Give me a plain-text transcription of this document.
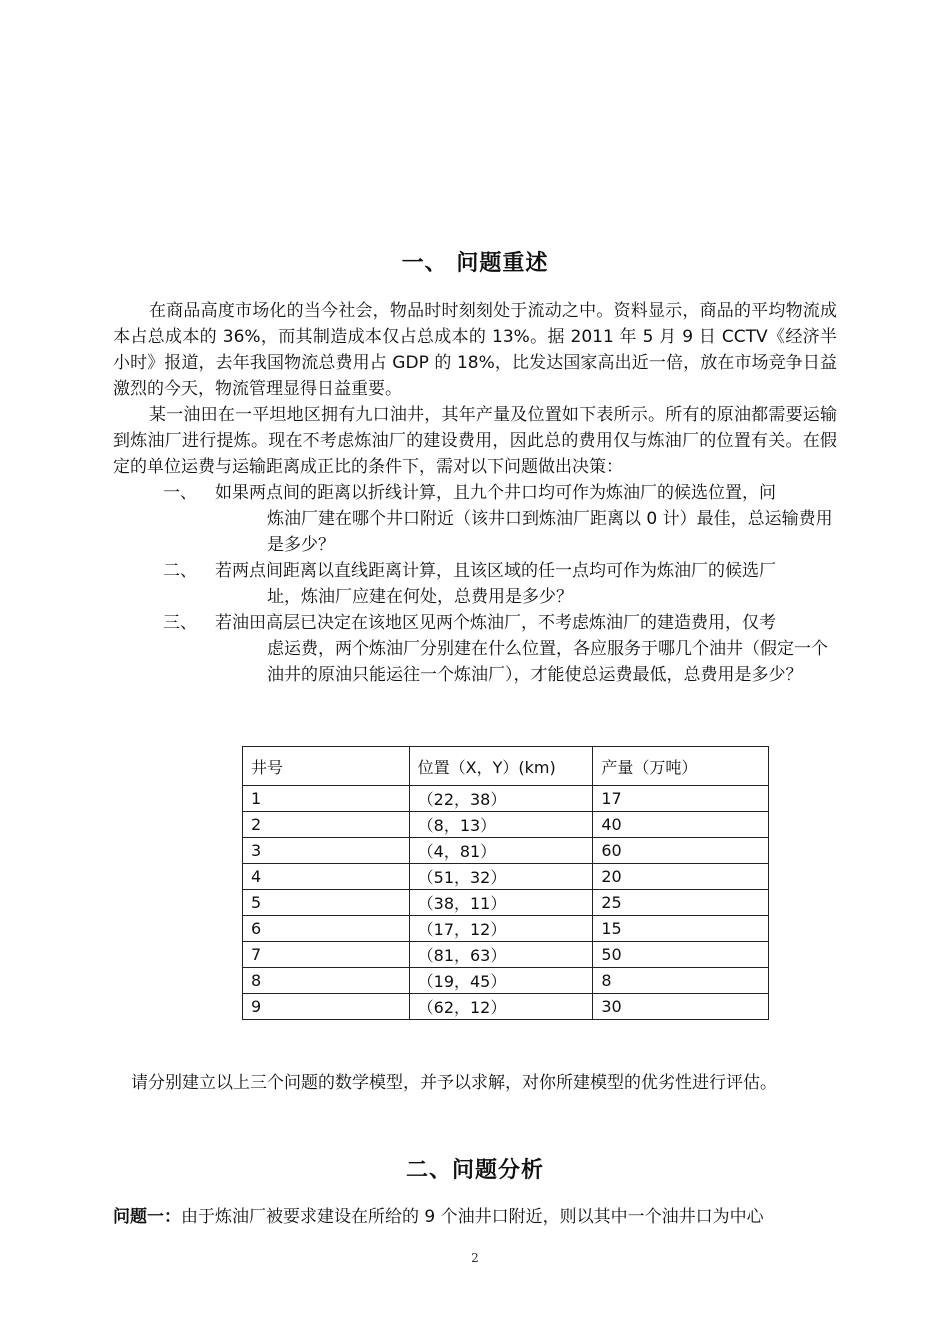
一、 问题重述
在商品高度市场化的当今社会，物品时时刻刻处于流动之中。资料显示，商品的平均物流成本占总成本的 36%，而其制造成本仅占总成本的 13%。据 2011 年 5 月 9 日 CCTV《经济半小时》报道，去年我国物流总费用占 GDP 的 18%，比发达国家高出近一倍，放在市场竞争日益激烈的今天，物流管理显得日益重要。
某一油田在一平坦地区拥有九口油井，其年产量及位置如下表所示。所有的原油都需要运输到炼油厂进行提炼。现在不考虑炼油厂的建设费用，因此总的费用仅与炼油厂的位置有关。在假定的单位运费与运输距离成正比的条件下，需对以下问题做出决策：
一、 如果两点间的距离以折线计算，且九个井口均可作为炼油厂的候选位置，问
炼油厂建在哪个井口附近（该井口到炼油厂距离以 0 计）最佳，总运输费用是多少？
二、 若两点间距离以直线距离计算，且该区域的任一点均可作为炼油厂的候选厂
址，炼油厂应建在何处，总费用是多少？
三、 若油田高层已决定在该地区见两个炼油厂，不考虑炼油厂的建造费用，仅考
虑运费，两个炼油厂分别建在什么位置，各应服务于哪几个油井（假定一个油井的原油只能运往一个炼油厂），才能使总运费最低，总费用是多少？
井号	位置（X，Y）(km)	产量（万吨）
1	（22，38）	17
2	（8，13）	40
3	（4，81）	60
4	（51，32）	20
5	（38，11）	25
6	（17，12）	15
7	（81，63）	50
8	（19，45）	8
9	（62，12）	30
请分别建立以上三个问题的数学模型，并予以求解，对你所建模型的优劣性进行评估。
二、问题分析
问题一：由于炼油厂被要求建设在所给的 9 个油井口附近，则以其中一个油井口为中心
2
